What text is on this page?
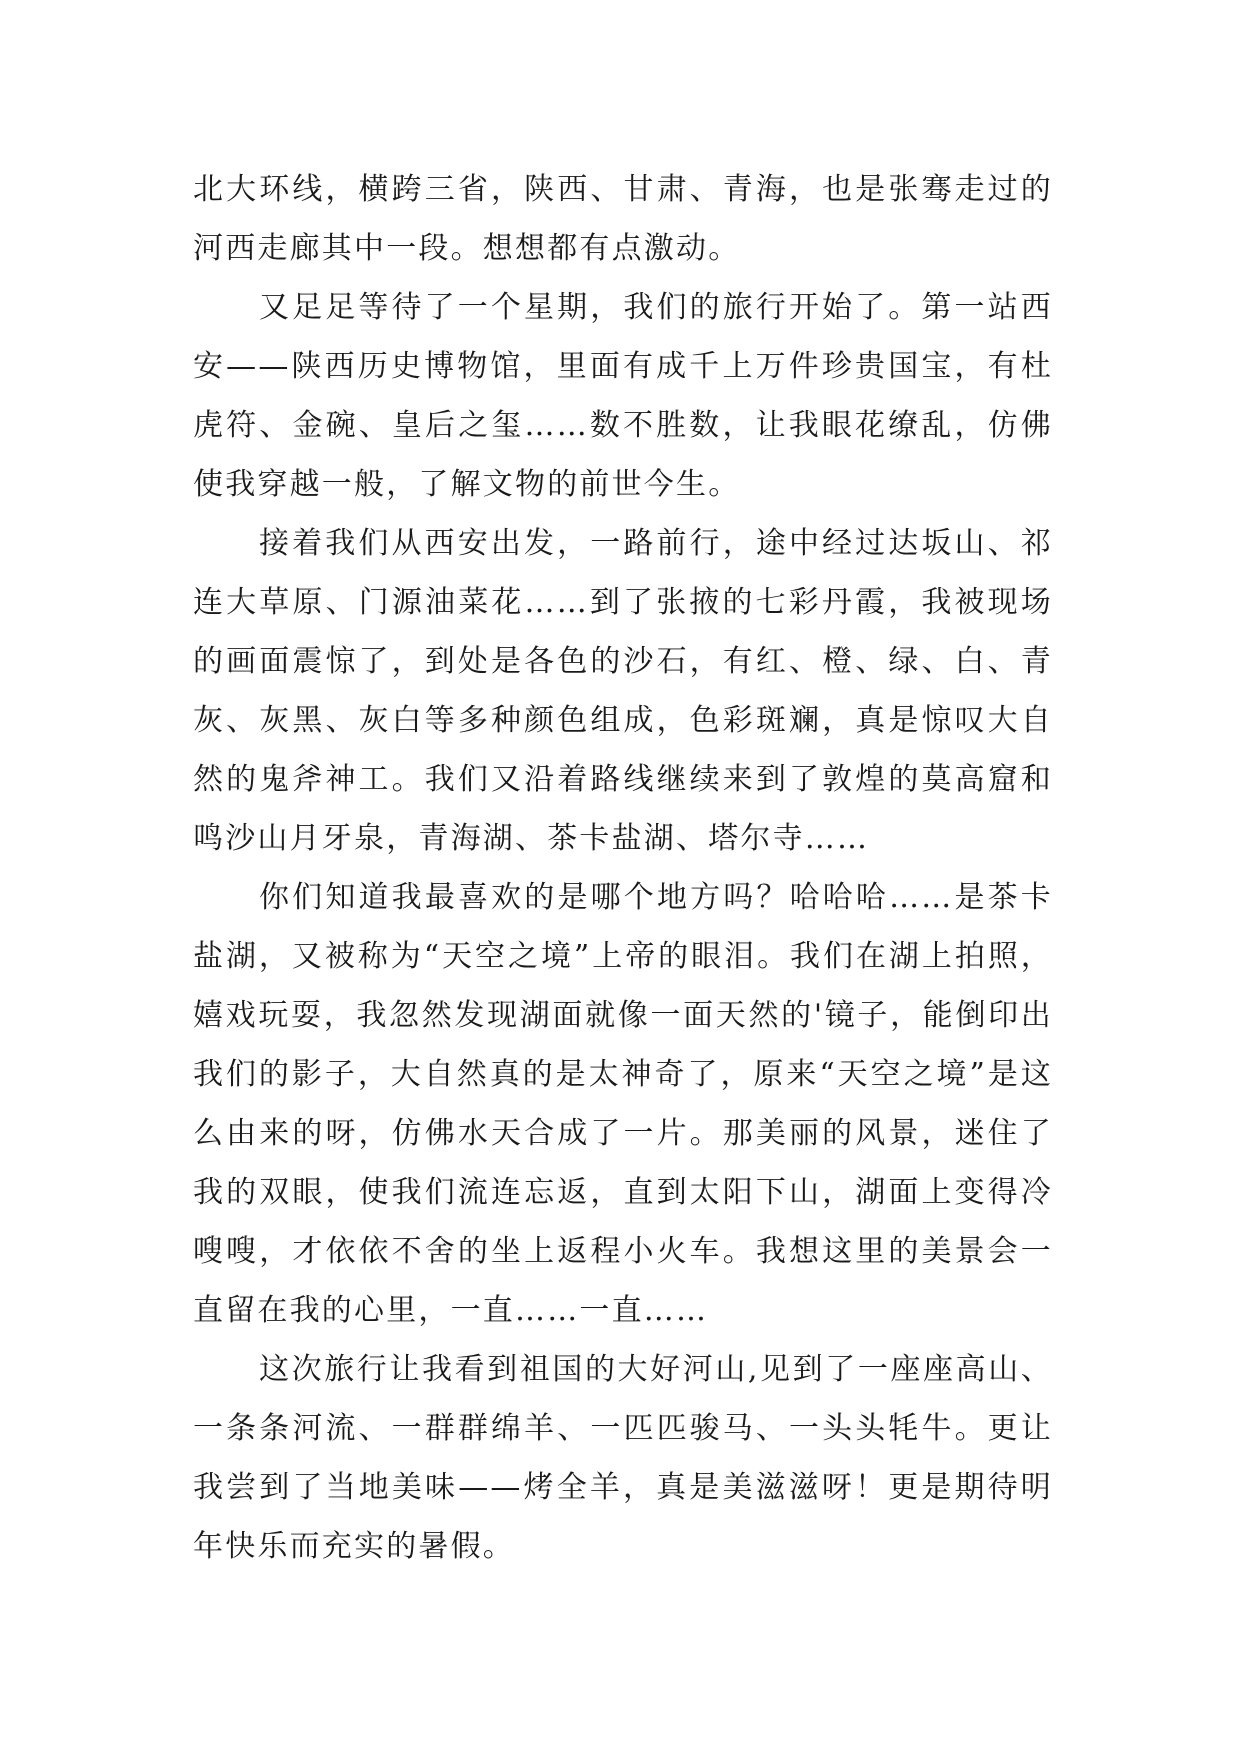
北大环线，横跨三省，陕西、甘肃、青海，也是张骞走过的河西走廊其中一段。想想都有点激动。

又足足等待了一个星期，我们的旅行开始了。第一站西安——陕西历史博物馆，里面有成千上万件珍贵国宝，有杜虎符、金碗、皇后之玺……数不胜数，让我眼花缭乱，仿佛使我穿越一般，了解文物的前世今生。

接着我们从西安出发，一路前行，途中经过达坂山、祁连大草原、门源油菜花……到了张掖的七彩丹霞，我被现场的画面震惊了，到处是各色的沙石，有红、橙、绿、白、青灰、灰黑、灰白等多种颜色组成，色彩斑斓，真是惊叹大自然的鬼斧神工。我们又沿着路线继续来到了敦煌的莫高窟和鸣沙山月牙泉，青海湖、茶卡盐湖、塔尔寺……

你们知道我最喜欢的是哪个地方吗？哈哈哈……是茶卡盐湖，又被称为“天空之境”上帝的眼泪。我们在湖上拍照，嬉戏玩耍，我忽然发现湖面就像一面天然的'镜子，能倒印出我们的影子，大自然真的是太神奇了，原来“天空之境”是这么由来的呀，仿佛水天合成了一片。那美丽的风景，迷住了我的双眼，使我们流连忘返，直到太阳下山，湖面上变得冷嗖嗖，才依依不舍的坐上返程小火车。我想这里的美景会一直留在我的心里，一直……一直……

这次旅行让我看到祖国的大好河山,见到了一座座高山、一条条河流、一群群绵羊、一匹匹骏马、一头头牦牛。更让我尝到了当地美味——烤全羊，真是美滋滋呀！更是期待明年快乐而充实的暑假。
